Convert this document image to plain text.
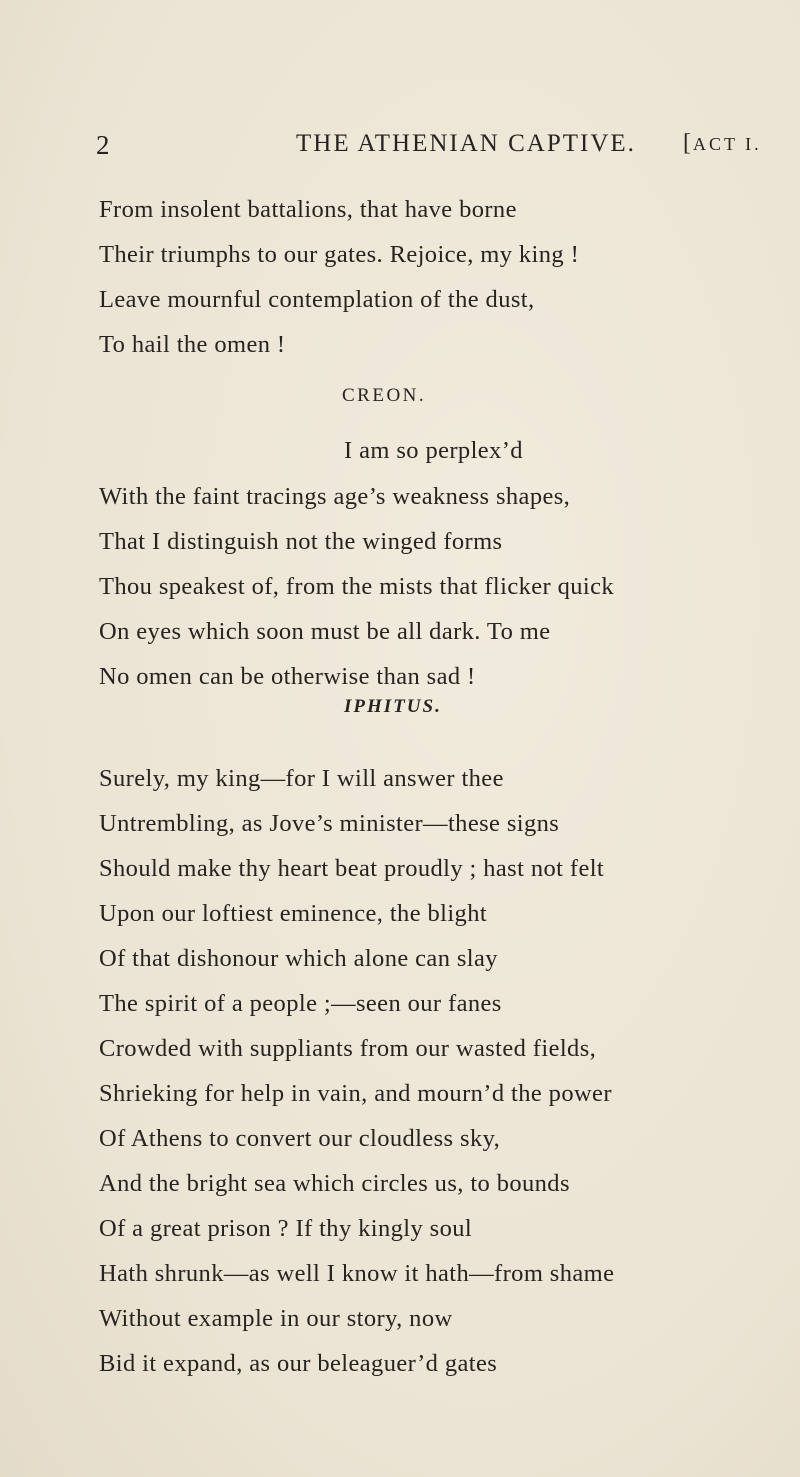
2	THE ATHENIAN CAPTIVE. [ACT I.
From insolent battalions, that have borne
Their triumphs to our gates. Rejoice, my king !
Leave mournful contemplation of the dust,
To hail the omen !
CREON.
I am so perplex’d
With the faint tracings age’s weakness shapes,
That I distinguish not the winged forms
Thou speakest of, from the mists that flicker quick
On eyes which soon must be all dark. To me
No omen can be otherwise than sad !
IPHITUS.
Surely, my king—for I will answer thee
Untrembling, as Jove’s minister—these signs
Should make thy heart beat proudly ; hast not felt
Upon our loftiest eminence, the blight
Of that dishonour which alone can slay
The spirit of a people ;—seen our fanes
Crowded with suppliants from our wasted fields,
Shrieking for help in vain, and mourn’d the power
Of Athens to convert our cloudless sky,
And the bright sea which circles us, to bounds
Of a great prison ? If thy kingly soul
Hath shrunk—as well I know it hath—from shame
Without example in our story, now
Bid it expand, as our beleaguer’d gates
